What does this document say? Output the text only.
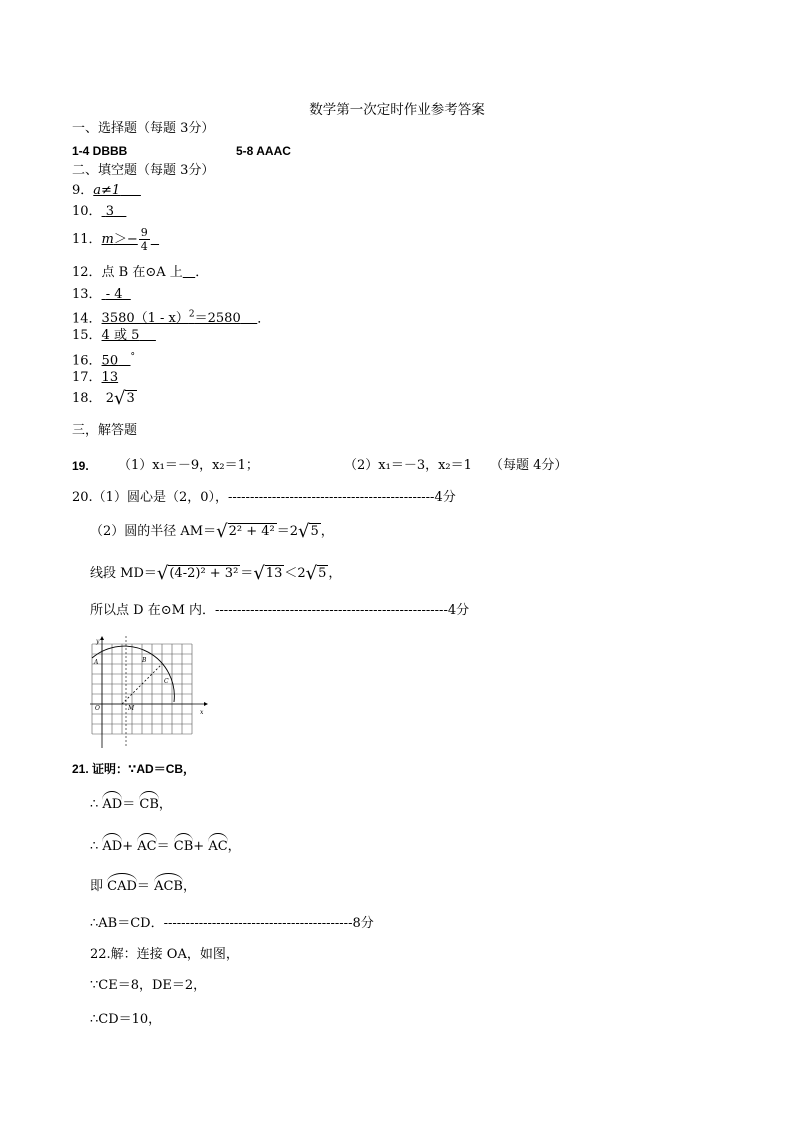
数学第一次定时作业参考答案
一、选择题（每题 3分）
1-4 DBBB	5-8 AAAC
二、填空题（每题 3分）
9．a≠1
10． 3
11．$m>- \frac{9}{4}$

12．点 B 在⊙A 上 ．
13． - 4
14．3580（1 - x）$^2$＝2580 ．
15．4 或 5
16．50 °
17．13
18． 2√3
三，解答题
19. （1）x₁＝－9，x₂＝1；	（2）x₁＝－3，x₂＝1 （每题 4分）
20.（1）圆心是（2，0），-----------------------------------------------4分
（2）圆的半径 AM＝√2² + 4² ＝2√5 ，
线段 MD＝√(4-2)² + 3² ＝√13 ＜2√5 ，
所以点 D 在⊙M 内．-----------------------------------------------------4分
y
x
A	B
C
O	M
21. 证明：∵AD＝CB，
∴ AD＝ CB，
∴ AD+ AC＝ CB+ AC，
即 CAD＝ ACB，
∴AB＝CD．-------------------------------------------8分
22.解：连接 OA，如图，
∵CE＝8，DE＝2，
∴CD＝10，
